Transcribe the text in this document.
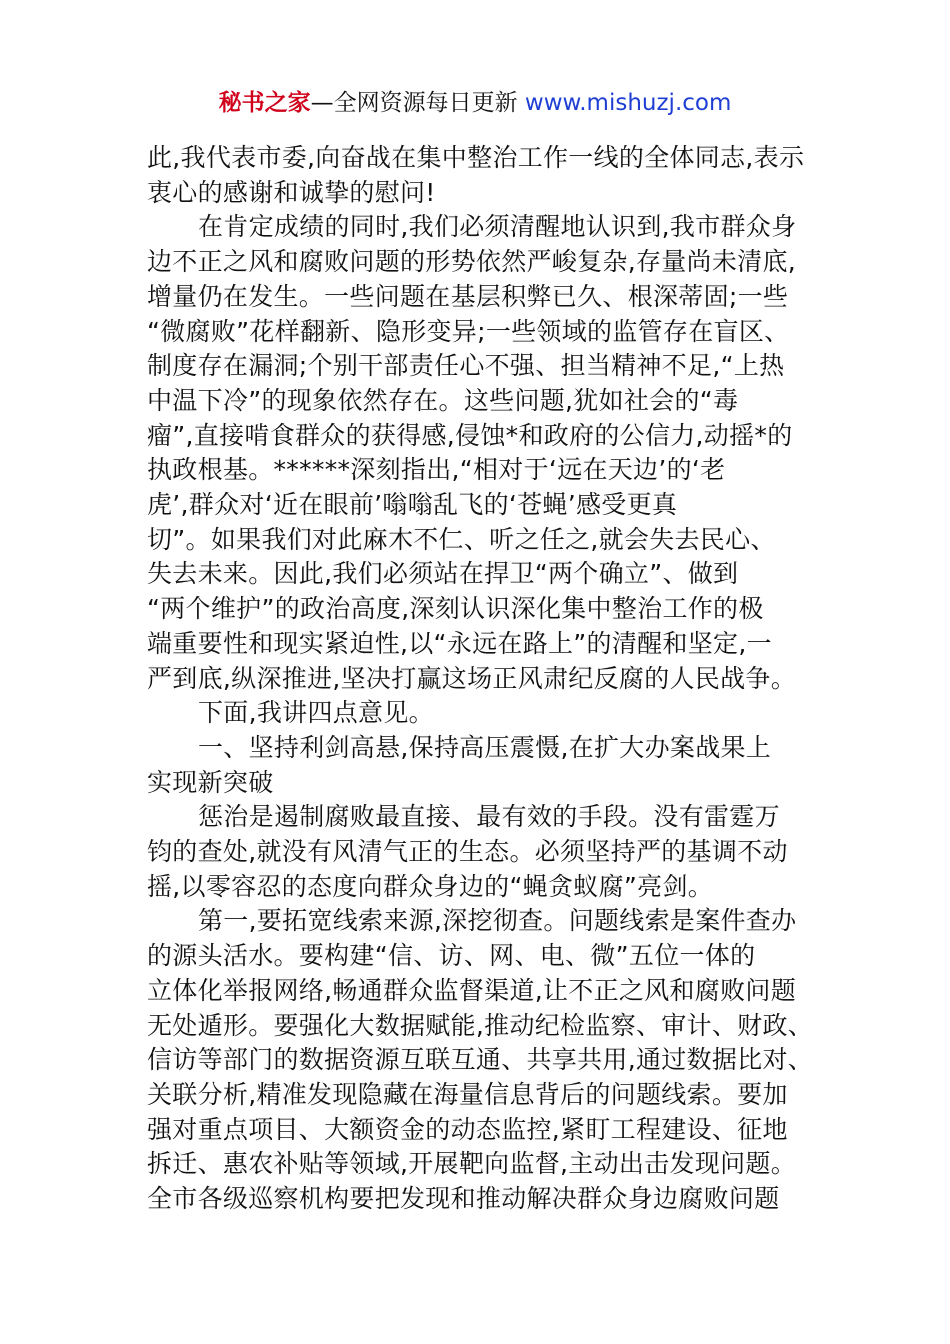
秘书之家—全网资源每日更新 www.mishuzj.com
此,我代表市委,向奋战在集中整治工作一线的全体同志,表示
衷心的感谢和诚挚的慰问!
在肯定成绩的同时,我们必须清醒地认识到,我市群众身
边不正之风和腐败问题的形势依然严峻复杂,存量尚未清底,
增量仍在发生。一些问题在基层积弊已久、根深蒂固;一些
“微腐败”花样翻新、隐形变异;一些领域的监管存在盲区、
制度存在漏洞;个别干部责任心不强、担当精神不足,“上热
中温下冷”的现象依然存在。这些问题,犹如社会的“毒
瘤”,直接啃食群众的获得感,侵蚀*和政府的公信力,动摇*的
执政根基。******深刻指出,“相对于‘远在天边’的‘老
虎’,群众对‘近在眼前’嗡嗡乱飞的‘苍蝇’感受更真
切”。如果我们对此麻木不仁、听之任之,就会失去民心、
失去未来。因此,我们必须站在捍卫“两个确立”、做到
“两个维护”的政治高度,深刻认识深化集中整治工作的极
端重要性和现实紧迫性,以“永远在路上”的清醒和坚定,一
严到底,纵深推进,坚决打赢这场正风肃纪反腐的人民战争。
下面,我讲四点意见。
一、坚持利剑高悬,保持高压震慑,在扩大办案战果上
实现新突破
惩治是遏制腐败最直接、最有效的手段。没有雷霆万
钧的查处,就没有风清气正的生态。必须坚持严的基调不动
摇,以零容忍的态度向群众身边的“蝇贪蚁腐”亮剑。
第一,要拓宽线索来源,深挖彻查。问题线索是案件查办
的源头活水。要构建“信、访、网、电、微”五位一体的
立体化举报网络,畅通群众监督渠道,让不正之风和腐败问题
无处遁形。要强化大数据赋能,推动纪检监察、审计、财政、
信访等部门的数据资源互联互通、共享共用,通过数据比对、
关联分析,精准发现隐藏在海量信息背后的问题线索。要加
强对重点项目、大额资金的动态监控,紧盯工程建设、征地
拆迁、惠农补贴等领域,开展靶向监督,主动出击发现问题。
全市各级巡察机构要把发现和推动解决群众身边腐败问题
